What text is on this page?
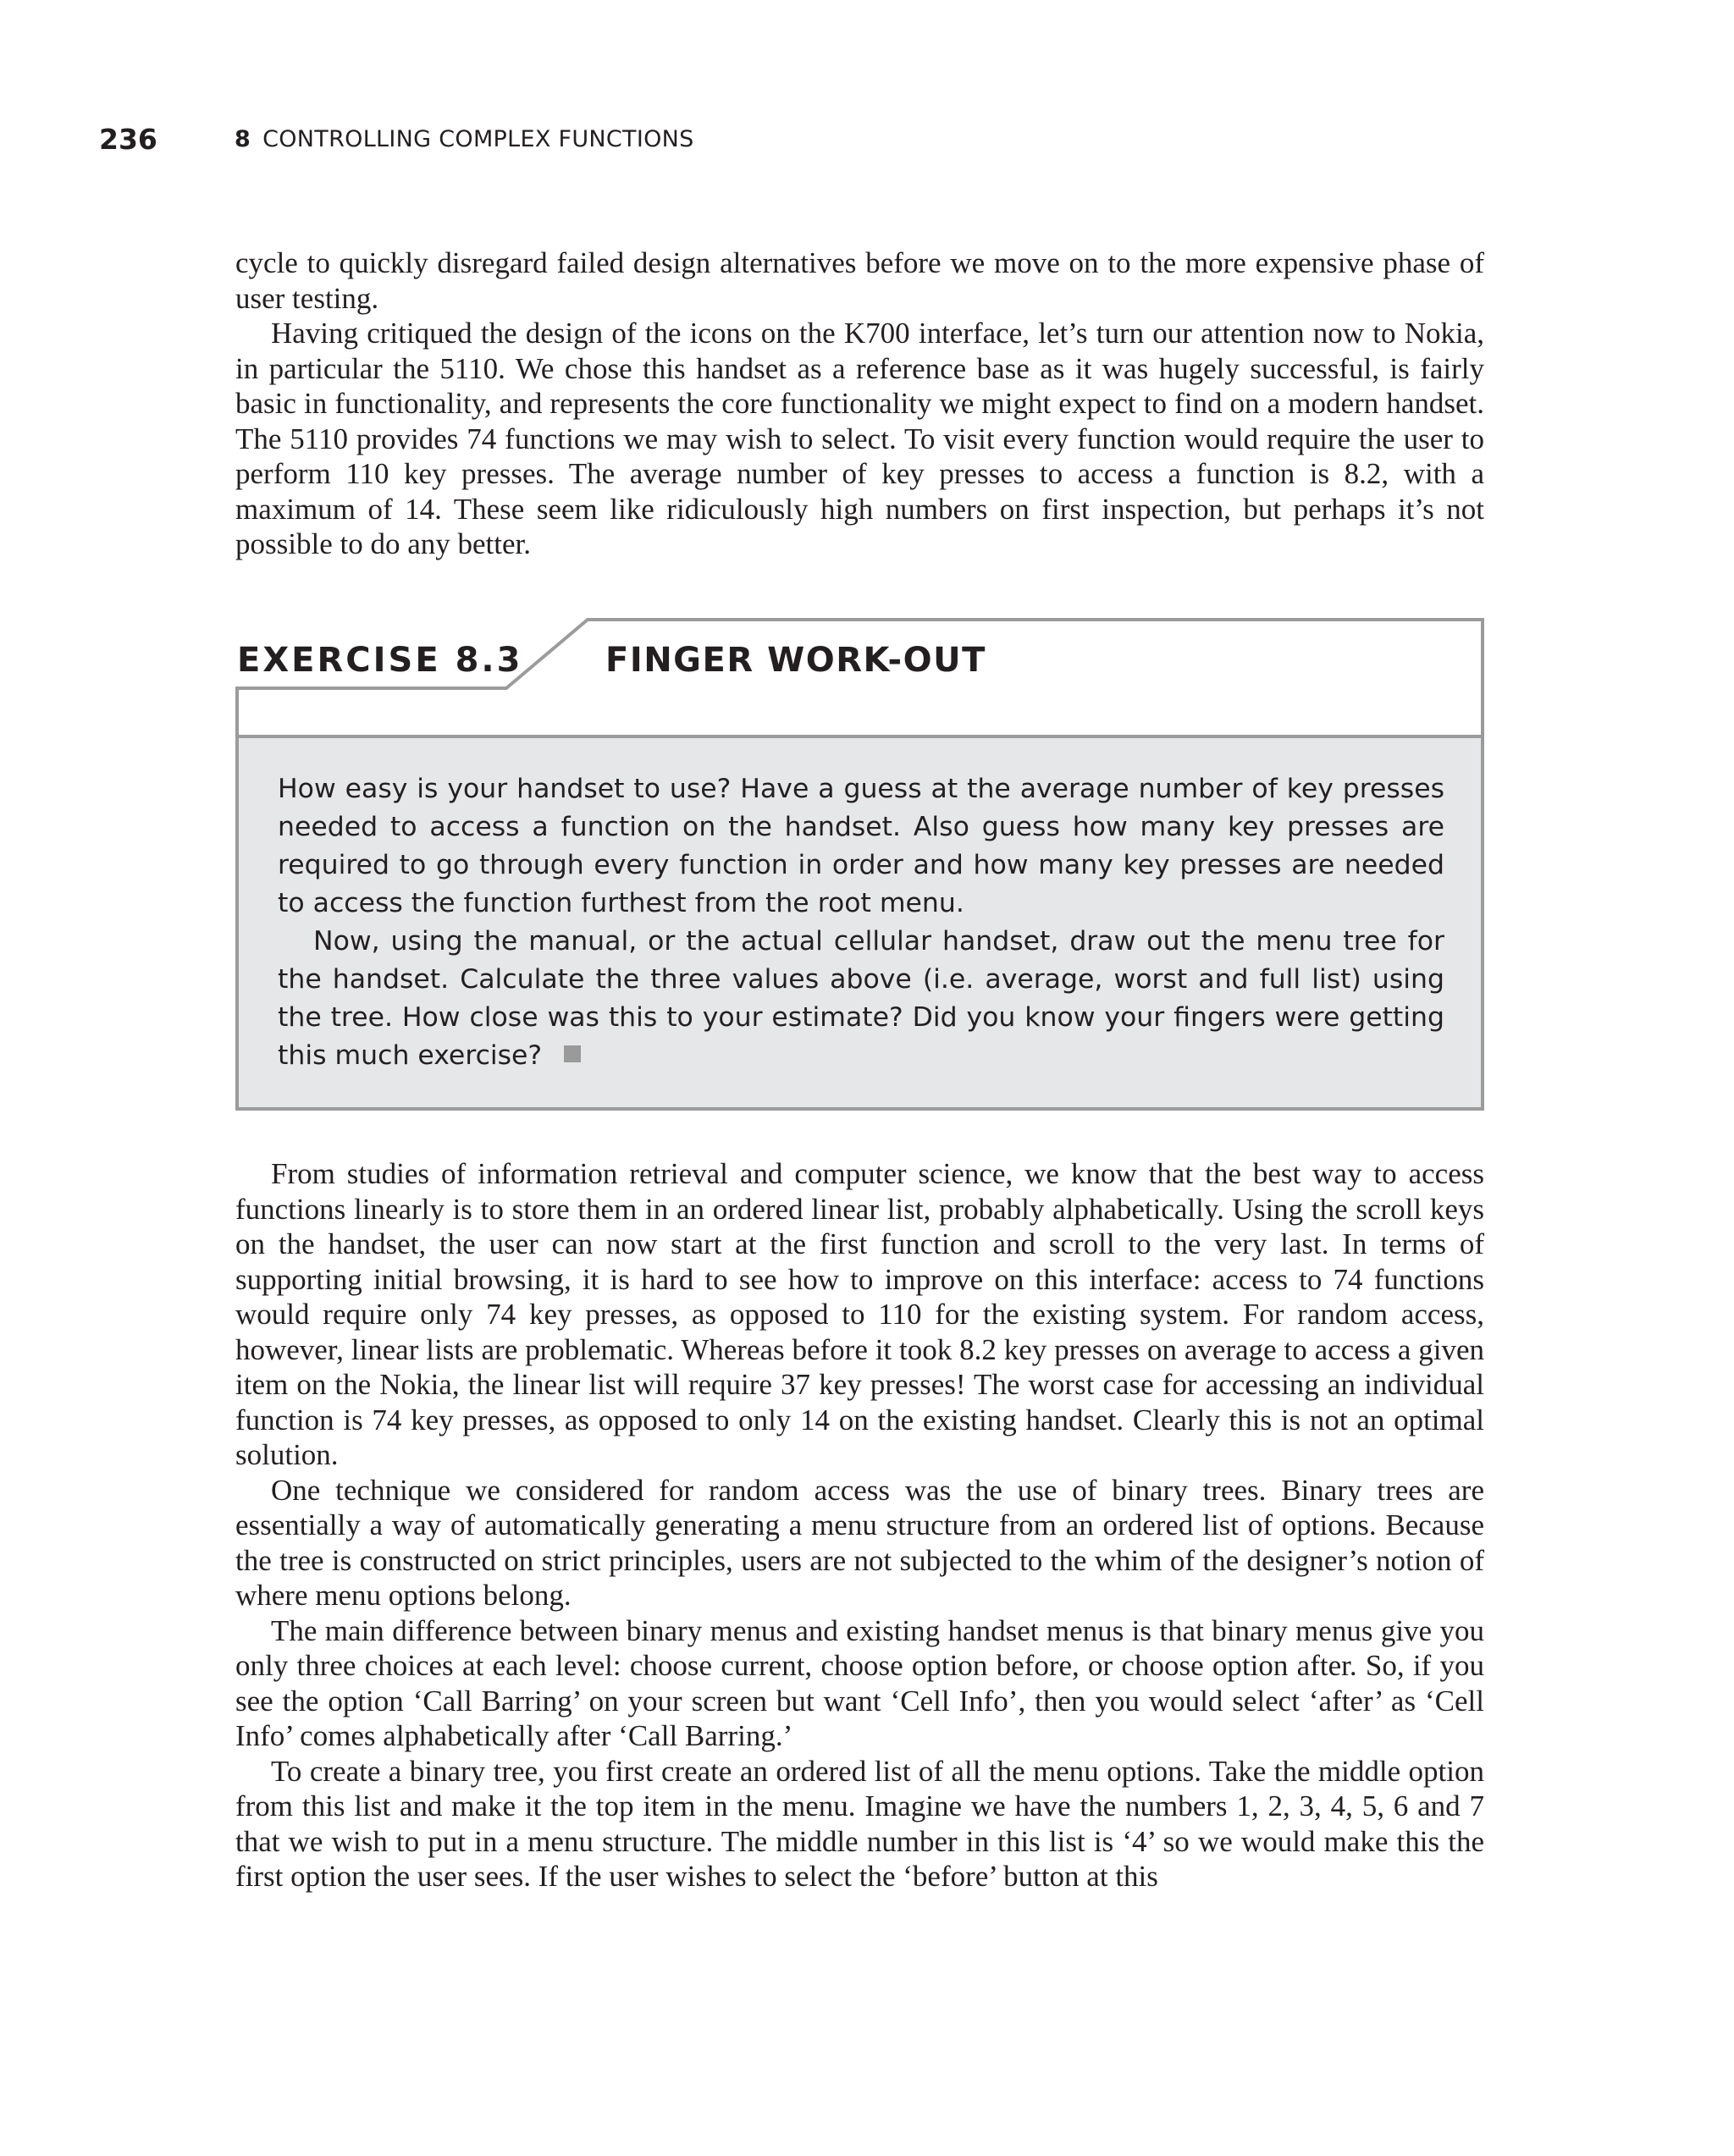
236	8 CONTROLLING COMPLEX FUNCTIONS

cycle to quickly disregard failed design alternatives before we move on to the more expensive phase of user testing.

Having critiqued the design of the icons on the K700 interface, let’s turn our attention now to Nokia, in particular the 5110. We chose this handset as a reference base as it was hugely successful, is fairly basic in functionality, and represents the core functionality we might expect to find on a modern handset. The 5110 provides 74 functions we may wish to select. To visit every function would require the user to perform 110 key presses. The average number of key presses to access a function is 8.2, with a maximum of 14. These seem like ridiculously high numbers on first inspection, but perhaps it’s not possible to do any better.

EXERCISE 8.3 FINGER WORK-OUT

How easy is your handset to use? Have a guess at the average number of key presses needed to access a function on the handset. Also guess how many key presses are required to go through every function in order and how many key presses are needed to access the function furthest from the root menu.

Now, using the manual, or the actual cellular handset, draw out the menu tree for the handset. Calculate the three values above (i.e. average, worst and full list) using the tree. How close was this to your estimate? Did you know your fingers were getting this much exercise?

From studies of information retrieval and computer science, we know that the best way to access functions linearly is to store them in an ordered linear list, probably alphabetically. Using the scroll keys on the handset, the user can now start at the first function and scroll to the very last. In terms of supporting initial browsing, it is hard to see how to improve on this interface: access to 74 functions would require only 74 key presses, as opposed to 110 for the existing system. For random access, however, linear lists are problematic. Whereas before it took 8.2 key presses on average to access a given item on the Nokia, the linear list will require 37 key presses! The worst case for accessing an individual function is 74 key presses, as opposed to only 14 on the existing handset. Clearly this is not an optimal solution.

One technique we considered for random access was the use of binary trees. Binary trees are essentially a way of automatically generating a menu structure from an ordered list of options. Because the tree is constructed on strict principles, users are not subjected to the whim of the designer’s notion of where menu options belong.

The main difference between binary menus and existing handset menus is that binary menus give you only three choices at each level: choose current, choose option before, or choose option after. So, if you see the option ‘Call Barring’ on your screen but want ‘Cell Info’, then you would select ‘after’ as ‘Cell Info’ comes alphabetically after ‘Call Barring.’

To create a binary tree, you first create an ordered list of all the menu options. Take the middle option from this list and make it the top item in the menu. Imagine we have the numbers 1, 2, 3, 4, 5, 6 and 7 that we wish to put in a menu structure. The middle number in this list is ‘4’ so we would make this the first option the user sees. If the user wishes to select the ‘before’ button at this
